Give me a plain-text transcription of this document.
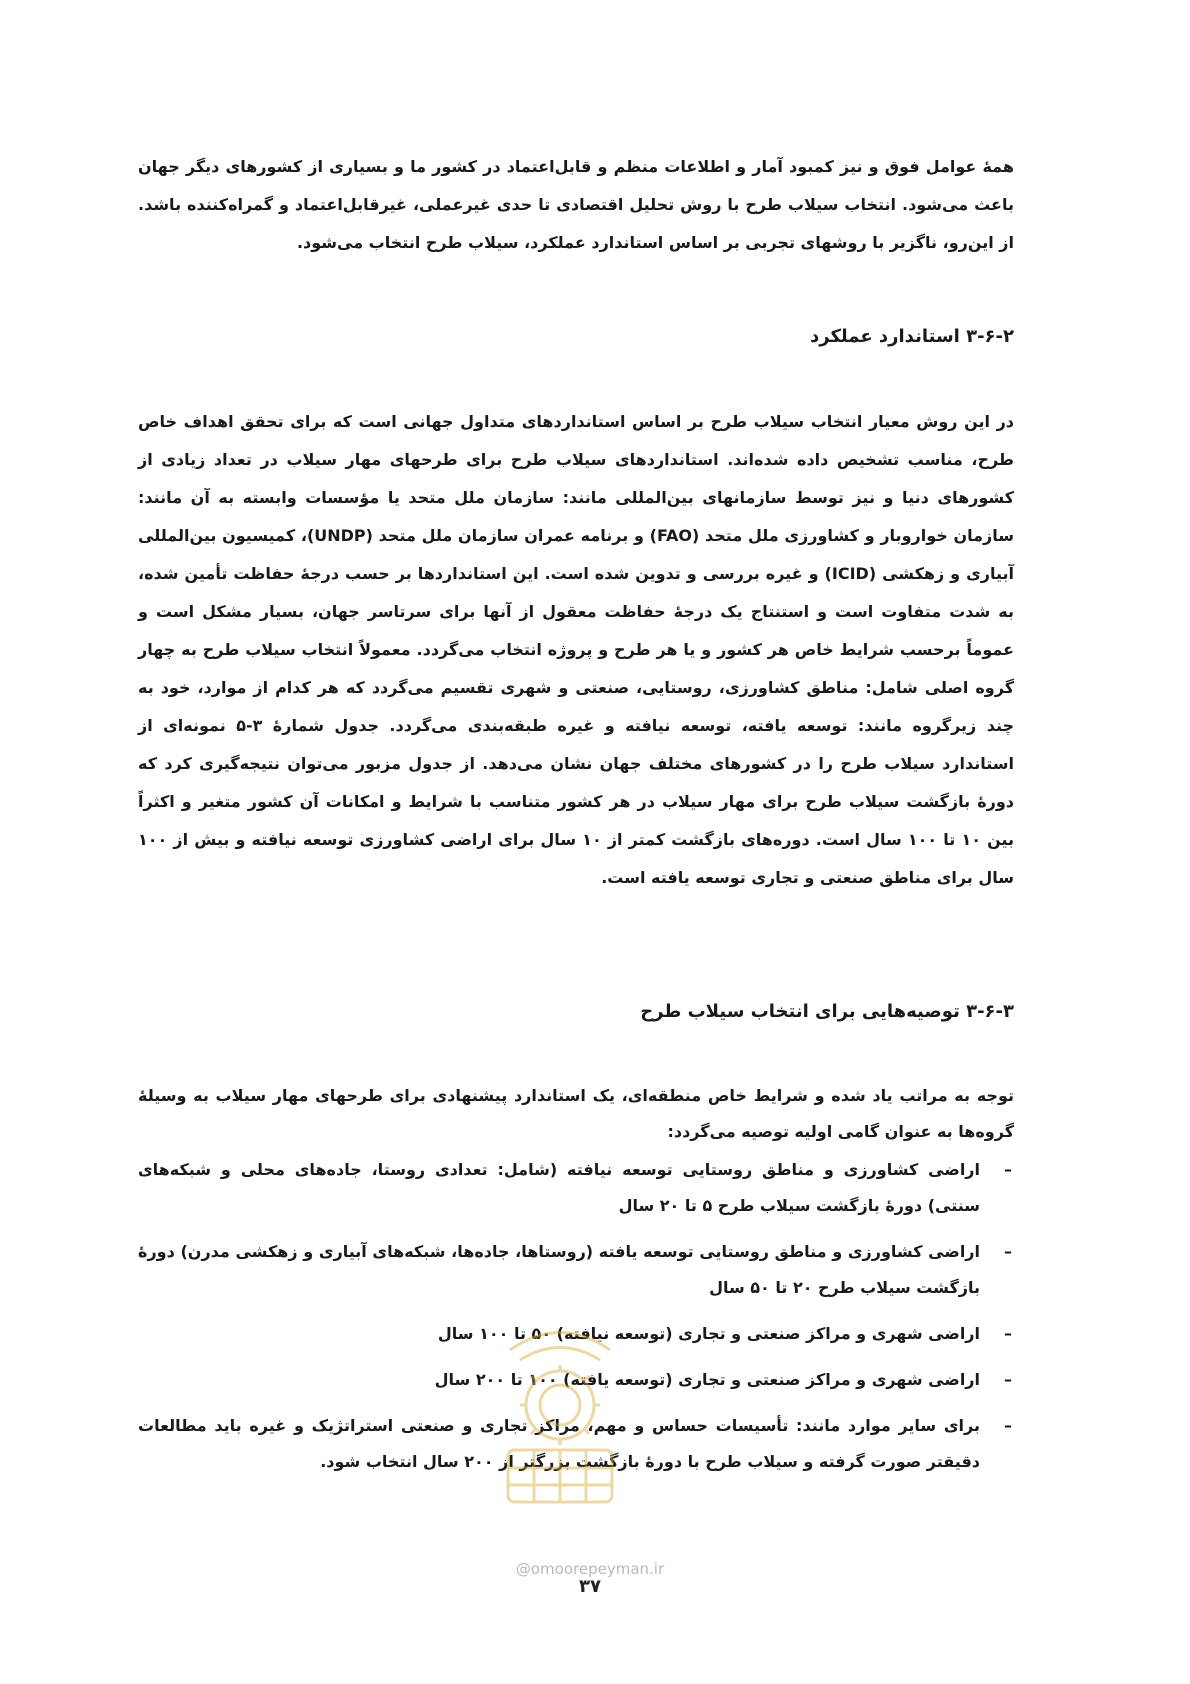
همهٔ عوامل فوق و نیز کمبود آمار و اطلاعات منظم و قابل‌اعتماد در کشور ما و بسیاری از کشورهای دیگر جهان باعث می‌شود. انتخاب سیلاب طرح با روش تحلیل اقتصادی تا حدی غیرعملی، غیرقابل‌اعتماد و گمراه‌کننده باشد. از این‌رو، ناگزیر با روشهای تجربی بر اساس استاندارد عملکرد، سیلاب طرح انتخاب می‌شود.

۳-۶-۲ استاندارد عملکرد

در این روش معیار انتخاب سیلاب طرح بر اساس استانداردهای متداول جهانی است که برای تحقق اهداف خاص طرح، مناسب تشخیص داده شده‌اند. استانداردهای سیلاب طرح برای طرحهای مهار سیلاب در تعداد زیادی از کشورهای دنیا و نیز توسط سازمانهای بین‌المللی مانند: سازمان ملل متحد یا مؤسسات وابسته به آن مانند: سازمان خواروبار و کشاورزی ملل متحد (FAO) و برنامه عمران سازمان ملل متحد (UNDP)، کمیسیون بین‌المللی آبیاری و زهکشی (ICID) و غیره بررسی و تدوین شده است. این استانداردها بر حسب درجهٔ حفاظت تأمین شده، به شدت متفاوت است و استنتاج یک درجهٔ حفاظت معقول از آنها برای سرتاسر جهان، بسیار مشکل است و عموماً برحسب شرایط خاص هر کشور و یا هر طرح و پروژه انتخاب می‌گردد. معمولاً انتخاب سیلاب طرح به چهار گروه اصلی شامل: مناطق کشاورزی، روستایی، صنعتی و شهری تقسیم می‌گردد که هر کدام از موارد، خود به چند زیرگروه مانند: توسعه یافته، توسعه نیافته و غیره طبقه‌بندی می‌گردد. جدول شمارهٔ ۳-۵ نمونه‌ای از استاندارد سیلاب طرح را در کشورهای مختلف جهان نشان می‌دهد. از جدول مزبور می‌توان نتیجه‌گیری کرد که دورهٔ بازگشت سیلاب طرح برای مهار سیلاب در هر کشور متناسب با شرایط و امکانات آن کشور متغیر و اکثراً بین ۱۰ تا ۱۰۰ سال است. دوره‌های بازگشت کمتر از ۱۰ سال برای اراضی کشاورزی توسعه نیافته و بیش از ۱۰۰ سال برای مناطق صنعتی و تجاری توسعه یافته است.

۳-۶-۳ توصیه‌هایی برای انتخاب سیلاب طرح

توجه به مراتب یاد شده و شرایط خاص منطقه‌ای، یک استاندارد پیشنهادی برای طرحهای مهار سیلاب به وسیلهٔ گروه‌ها به عنوان گامی اولیه توصیه می‌گردد:

–
اراضی کشاورزی و مناطق روستایی توسعه نیافته (شامل: تعدادی روستا، جاده‌های محلی و شبکه‌های سنتی) دورهٔ بازگشت سیلاب طرح ۵ تا ۲۰ سال
–
اراضی کشاورزی و مناطق روستایی توسعه یافته (روستاها، جاده‌ها، شبکه‌های آبیاری و زهکشی مدرن) دورهٔ بازگشت سیلاب طرح ۲۰ تا ۵۰ سال
–
اراضی شهری و مراکز صنعتی و تجاری (توسعه نیافته) ۵۰ تا ۱۰۰ سال
–
اراضی شهری و مراکز صنعتی و تجاری (توسعه یافته) ۱۰۰ تا ۲۰۰ سال
–
برای سایر موارد مانند: تأسیسات حساس و مهم، مراکز تجاری و صنعتی استراتژیک و غیره باید مطالعات دقیقتر صورت گرفته و سیلاب طرح با دورهٔ بازگشت بزرگتر از ۲۰۰ سال انتخاب شود.
@omoorepeyman.ir
۳۷
